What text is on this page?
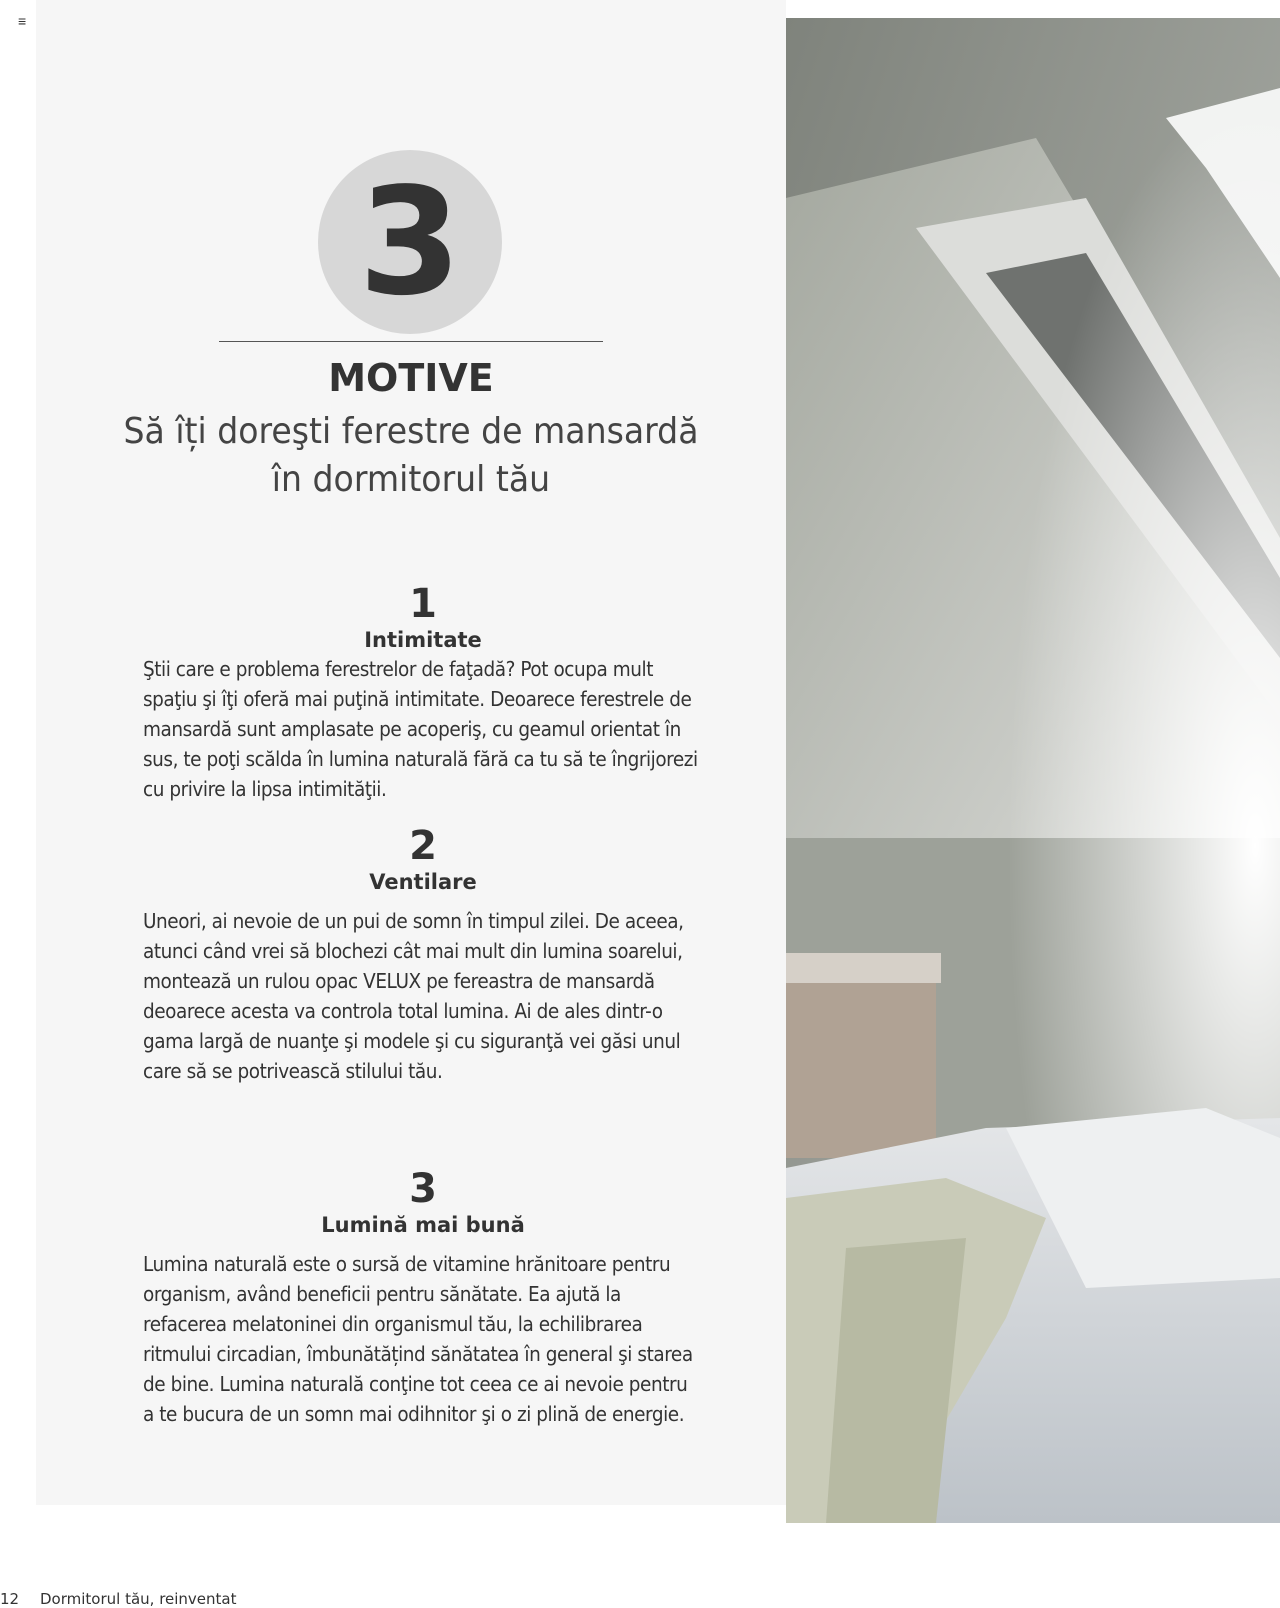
≡
3
MOTIVE
Să îți doreşti ferestre de mansardă
în dormitorul tău
1
Intimitate
Ştii care e problema ferestrelor de faţadă? Pot ocupa mult spaţiu şi îţi oferă mai puţină intimitate. Deoarece ferestrele de mansardă sunt amplasate pe acoperiş, cu geamul orientat în sus, te poţi scălda în lumina naturală fără ca tu să te îngrijorezi cu privire la lipsa intimităţii.
2
Ventilare
Uneori, ai nevoie de un pui de somn în timpul zilei. De aceea, atunci când vrei să blochezi cât mai mult din lumina soarelui, montează un rulou opac VELUX pe fereastra de mansardă deoarece acesta va controla total lumina. Ai de ales dintr-o gama largă de nuanţe şi modele şi cu siguranţă vei găsi unul care să se potrivească stilului tău.
3
Lumină mai bună
Lumina naturală este o sursă de vitamine hrănitoare pentru organism, având beneficii pentru sănătate. Ea ajută la refacerea melatoninei din organismul tău, la echilibrarea ritmului circadian, îmbunătățind sănătatea în general şi starea de bine. Lumina naturală conţine tot ceea ce ai nevoie pentru a te bucura de un somn mai odihnitor şi o zi plină de energie.
12 Dormitorul tău, reinventat
